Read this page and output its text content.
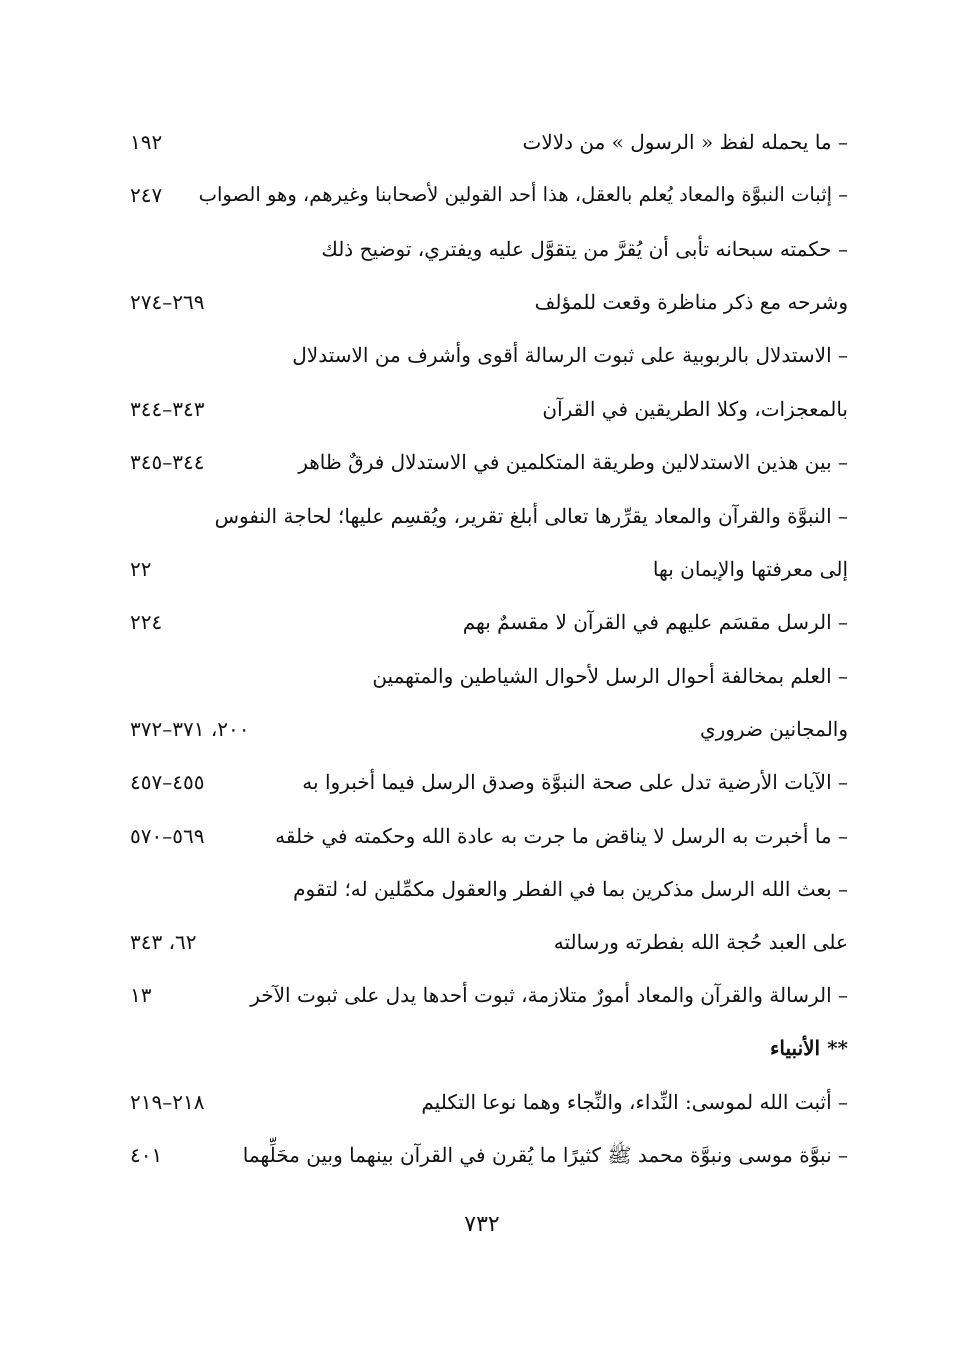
– ما يحمله لفظ « الرسول » من دلالات
١٩٢
– إثبات النبوَّة والمعاد يُعلم بالعقل، هذا أحد القولين لأصحابنا وغيرهم، وهو الصواب
٢٤٧
– حكمته سبحانه تأبى أن يُقرَّ من يتقوَّل عليه ويفتري، توضيح ذلك
وشرحه مع ذكر مناظرة وقعت للمؤلف
٢٦٩–٢٧٤
– الاستدلال بالربوبية على ثبوت الرسالة أقوى وأشرف من الاستدلال
بالمعجزات، وكلا الطريقين في القرآن
٣٤٣–٣٤٤
– بين هذين الاستدلالين وطريقة المتكلمين في الاستدلال فرقٌ ظاهر
٣٤٤–٣٤٥
– النبوَّة والقرآن والمعاد يقرِّرها تعالى أبلغ تقرير، ويُقسِم عليها؛ لحاجة النفوس
إلى معرفتها والإيمان بها
٢٢
– الرسل مقسَم عليهم في القرآن لا مقسمٌ بهم
٢٢٤
– العلم بمخالفة أحوال الرسل لأحوال الشياطين والمتهمين
والمجانين ضروري
٢٠٠، ٣٧١–٣٧٢
– الآيات الأرضية تدل على صحة النبوَّة وصدق الرسل فيما أخبروا به
٤٥٥–٤٥٧
– ما أخبرت به الرسل لا يناقض ما جرت به عادة الله وحكمته في خلقه
٥٦٩–٥٧٠
– بعث الله الرسل مذكرين بما في الفطر والعقول مكمِّلين له؛ لتقوم
على العبد حُجة الله بفطرته ورسالته
٦٢، ٣٤٣
– الرسالة والقرآن والمعاد أمورٌ متلازمة، ثبوت أحدها يدل على ثبوت الآخر
١٣
** الأنبياء
– أثبت الله لموسى: النِّداء، والنِّجاء وهما نوعا التكليم
٢١٨–٢١٩
– نبوَّة موسى ونبوَّة محمد ﷺ كثيرًا ما يُقرن في القرآن بينهما وبين محَلِّهما
٤٠١
٧٣٢
